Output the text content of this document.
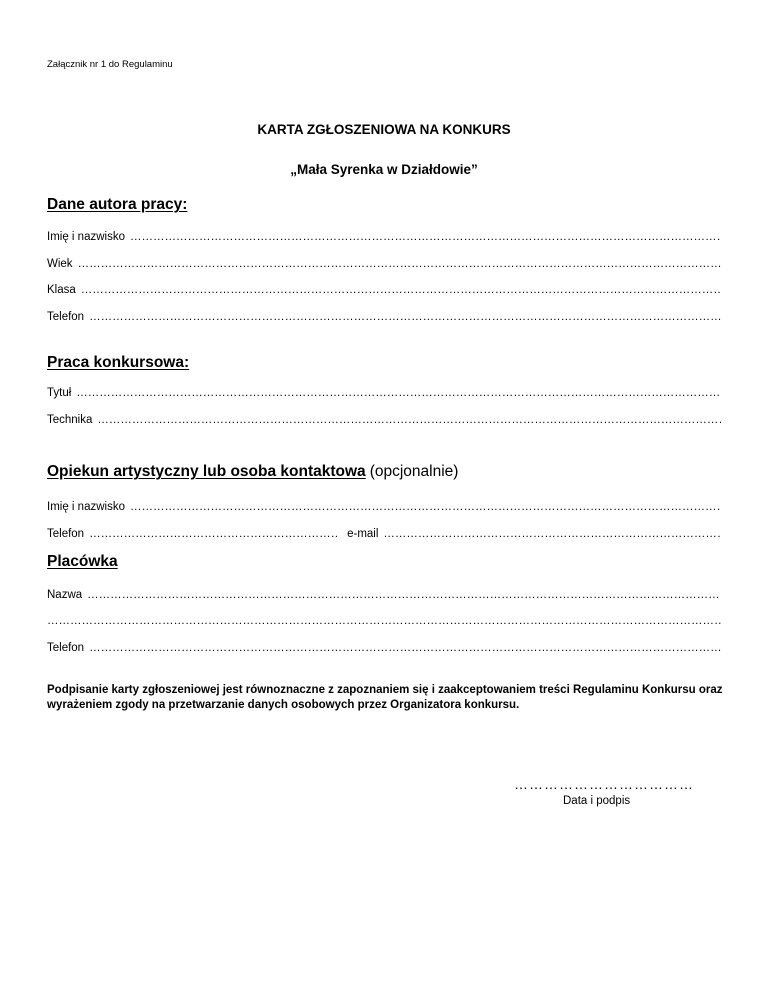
Załącznik nr 1 do Regulaminu
KARTA ZGŁOSZENIOWA NA KONKURS
„Mała Syrenka w Działdowie”
Dane autora pracy:
Imię i nazwisko
……………………………………………………………………………………………………………………………………………………………………………………………………………………………………………………
Wiek
……………………………………………………………………………………………………………………………………………………………………………………………………………………………………………………
Klasa
……………………………………………………………………………………………………………………………………………………………………………………………………………………………………………………
Telefon
……………………………………………………………………………………………………………………………………………………………………………………………………………………………………………………
Praca konkursowa:
Tytuł
……………………………………………………………………………………………………………………………………………………………………………………………………………………………………………………
Technika
……………………………………………………………………………………………………………………………………………………………………………………………………………………………………………………
Opiekun artystyczny lub osoba kontaktowa (opcjonalnie)
Imię i nazwisko
……………………………………………………………………………………………………………………………………………………………………………………………………………………………………………………
Telefon
……………………………………………………………………………………………………………………………………………………………………………………………………………………………………………………	e-mail
……………………………………………………………………………………………………………………………………………………………………………………………………………………………………………………
Placówka
Nazwa
……………………………………………………………………………………………………………………………………………………………………………………………………………………………………………………
……………………………………………………………………………………………………………………………………………………………………………………………………………………………………………………
Telefon
……………………………………………………………………………………………………………………………………………………………………………………………………………………………………………………
Podpisanie karty zgłoszeniowej jest równoznaczne z zapoznaniem się i zaakceptowaniem treści Regulaminu Konkursu oraz wyrażeniem zgody na przetwarzanie danych osobowych przez Organizatora konkursu.
…………………………………………
Data i podpis
